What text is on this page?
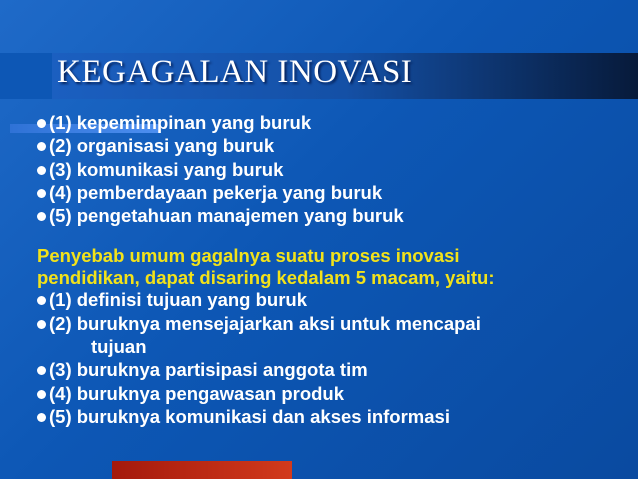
KEGAGALAN INOVASI
(1) kepemimpinan yang buruk
(2) organisasi yang buruk
(3) komunikasi yang buruk
(4) pemberdayaan pekerja yang buruk
(5) pengetahuan manajemen yang buruk
Penyebab umum gagalnya suatu proses inovasi
pendidikan, dapat disaring kedalam 5 macam, yaitu:
(1) definisi tujuan yang buruk
(2) buruknya mensejajarkan aksi untuk mencapai
tujuan
(3) buruknya partisipasi anggota tim
(4) buruknya pengawasan produk
(5) buruknya komunikasi dan akses informasi
